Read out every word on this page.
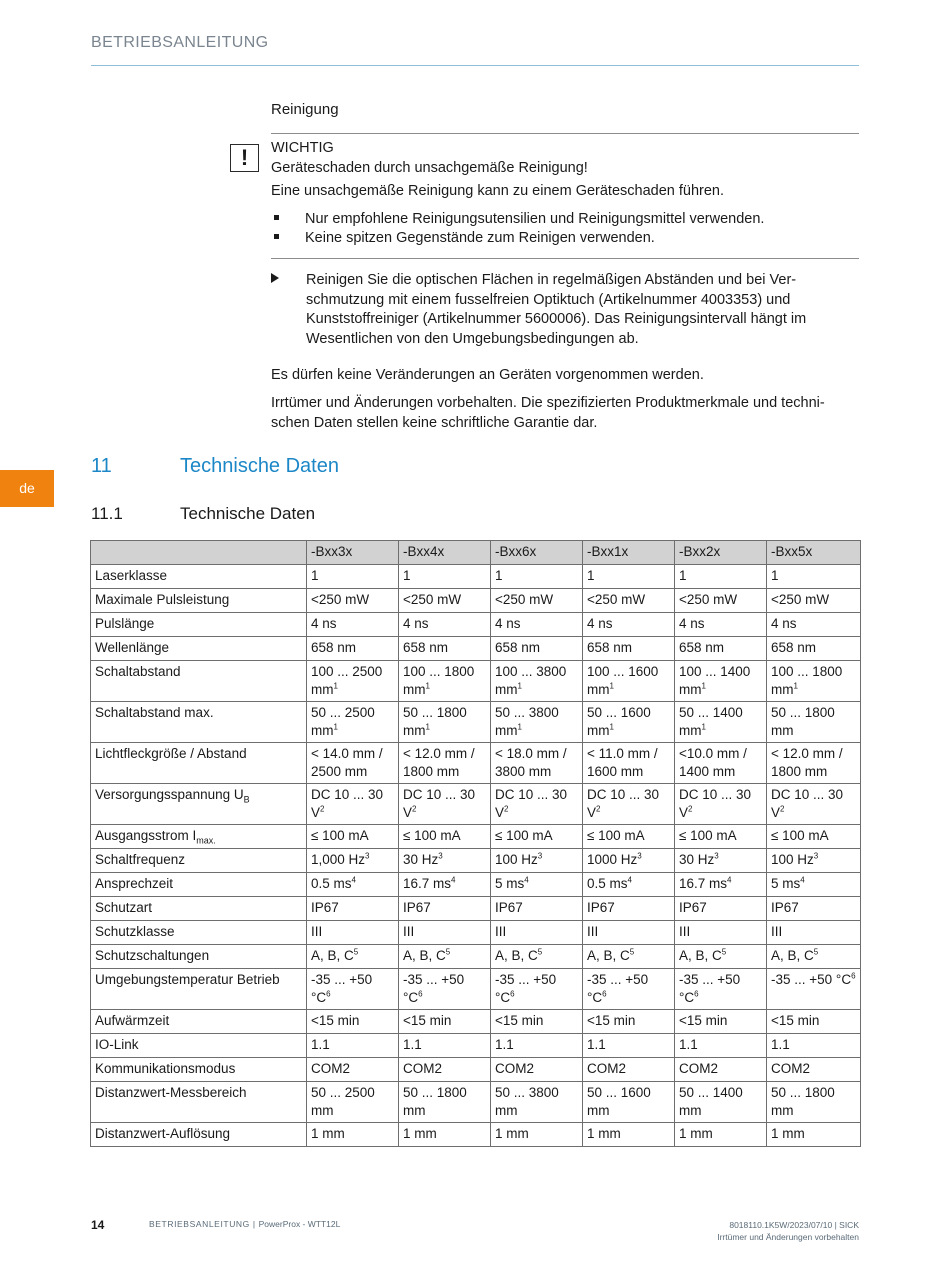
BETRIEBSANLEITUNG
Reinigung
!	WICHTIG
Geräteschaden durch unsachgemäße Reinigung!
Eine unsachgemäße Reinigung kann zu einem Geräteschaden führen.
Nur empfohlene Reinigungsutensilien und Reinigungsmittel verwenden.
Keine spitzen Gegenstände zum Reinigen verwenden.
Reinigen Sie die optischen Flächen in regelmäßigen Abständen und bei Ver-
schmutzung mit einem fusselfreien Optiktuch (Artikelnummer 4003353) und
Kunststoffreiniger (Artikelnummer 5600006). Das Reinigungsintervall hängt im
Wesentlichen von den Umgebungsbedingungen ab.
Es dürfen keine Veränderungen an Geräten vorgenommen werden.
Irrtümer und Änderungen vorbehalten. Die spezifizierten Produktmerkmale und techni-
schen Daten stellen keine schriftliche Garantie dar.
de
11	Technische Daten
11.1	Technische Daten
	-Bxx3x	-Bxx4x	-Bxx6x	-Bxx1x	-Bxx2x	-Bxx5x
Laserklasse	1	1	1	1	1	1
Maximale Pulsleistung	<250 mW	<250 mW	<250 mW	<250 mW	<250 mW	<250 mW
Pulslänge	4 ns	4 ns	4 ns	4 ns	4 ns	4 ns
Wellenlänge	658 nm	658 nm	658 nm	658 nm	658 nm	658 nm
Schaltabstand	100 ... 2500 $mm^1$	100 ... 1800 $mm^1$	100 ... 3800 $mm^1$	100 ... 1600 $mm^1$	100 ... 1400 $mm^1$	100 ... 1800 $mm^1$
Schaltabstand max.	50 ... 2500 $mm^1$	50 ... 1800 $mm^1$	50 ... 3800 $mm^1$	50 ... 1600 $mm^1$	50 ... 1400 $mm^1$	50 ... 1800 mm
Lichtfleckgröße / Abstand	< 14.0 mm / 2500 mm	< 12.0 mm / 1800 mm	< 18.0 mm / 3800 mm	< 11.0 mm / 1600 mm	<10.0 mm / 1400 mm	< 12.0 mm / 1800 mm
Versorgungsspannung $U_B$	DC 10 ... 30 $V^2$	DC 10 ... 30 $V^2$	DC 10 ... 30 $V^2$	DC 10 ... 30 $V^2$	DC 10 ... 30 $V^2$	DC 10 ... 30 $V^2$
Ausgangsstrom $I_{max.}$	≤ 100 mA	≤ 100 mA	≤ 100 mA	≤ 100 mA	≤ 100 mA	≤ 100 mA
Schaltfrequenz	1,000 Hz$^3$	30 Hz$^3$	100 Hz$^3$	1000 Hz$^3$	30 Hz$^3$	100 Hz$^3$
Ansprechzeit	0.5 $ms^4$	16.7 $ms^4$	5 $ms^4$	0.5 $ms^4$	16.7 $ms^4$	5 $ms^4$
Schutzart	IP67	IP67	IP67	IP67	IP67	IP67
Schutzklasse	III	III	III	III	III	III
Schutzschaltungen	A, B, $C^5$	A, B, $C^5$	A, B, $C^5$	A, B, $C^5$	A, B, $C^5$	A, B, $C^5$
Umgebungstemperatur Betrieb	-35 ... +50 $^\circ C^6$	-35 ... +50 $^\circ C^6$	-35 ... +50 $^\circ C^6$	-35 ... +50 $^\circ C^6$	-35 ... +50 $^\circ C^6$	-35 ... +50 $^\circ C^6$
Aufwärmzeit	<15 min	<15 min	<15 min	<15 min	<15 min	<15 min
IO-Link	1.1	1.1	1.1	1.1	1.1	1.1
Kommunikationsmodus	COM2	COM2	COM2	COM2	COM2	COM2
Distanzwert-Messbereich	50 ... 2500 mm	50 ... 1800 mm	50 ... 3800 mm	50 ... 1600 mm	50 ... 1400 mm	50 ... 1800 mm
Distanzwert-Auflösung	1 mm	1 mm	1 mm	1 mm	1 mm	1 mm
14	BETRIEBSANLEITUNG | PowerProx - WTT12L	8018110.1K5W/2023/07/10 | SICK
Irrtümer und Änderungen vorbehalten
